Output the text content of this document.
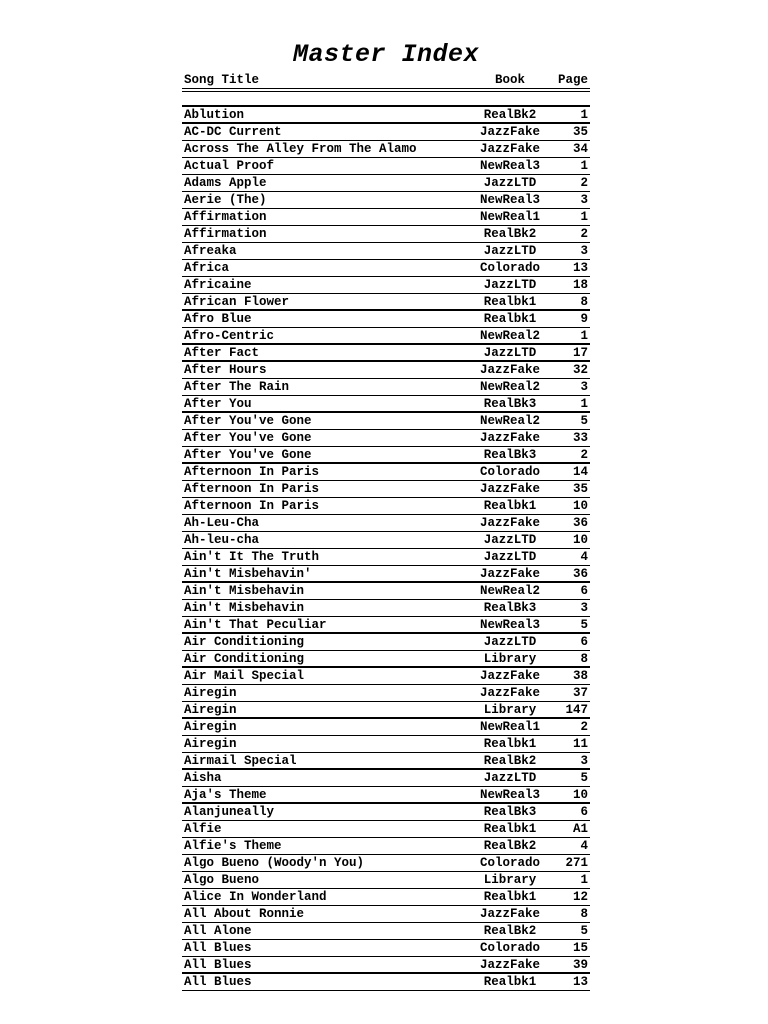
Master Index
Song Title	Book	Page
Ablution	RealBk2	1
AC-DC Current	JazzFake	35
Across The Alley From The Alamo	JazzFake	34
Actual Proof	NewReal3	1
Adams Apple	JazzLTD	2
Aerie (The)	NewReal3	3
Affirmation	NewReal1	1
Affirmation	RealBk2	2
Afreaka	JazzLTD	3
Africa	Colorado	13
Africaine	JazzLTD	18
African Flower	Realbk1	8
Afro Blue	Realbk1	9
Afro-Centric	NewReal2	1
After Fact	JazzLTD	17
After Hours	JazzFake	32
After The Rain	NewReal2	3
After You	RealBk3	1
After You've Gone	NewReal2	5
After You've Gone	JazzFake	33
After You've Gone	RealBk3	2
Afternoon In Paris	Colorado	14
Afternoon In Paris	JazzFake	35
Afternoon In Paris	Realbk1	10
Ah-Leu-Cha	JazzFake	36
Ah-leu-cha	JazzLTD	10
Ain't It The Truth	JazzLTD	4
Ain't Misbehavin'	JazzFake	36
Ain't Misbehavin	NewReal2	6
Ain't Misbehavin	RealBk3	3
Ain't That Peculiar	NewReal3	5
Air Conditioning	JazzLTD	6
Air Conditioning	Library	8
Air Mail Special	JazzFake	38
Airegin	JazzFake	37
Airegin	Library	147
Airegin	NewReal1	2
Airegin	Realbk1	11
Airmail Special	RealBk2	3
Aisha	JazzLTD	5
Aja's Theme	NewReal3	10
Alanjuneally	RealBk3	6
Alfie	Realbk1	A1
Alfie's Theme	RealBk2	4
Algo Bueno (Woody'n You)	Colorado	271
Algo Bueno	Library	1
Alice In Wonderland	Realbk1	12
All About Ronnie	JazzFake	8
All Alone	RealBk2	5
All Blues	Colorado	15
All Blues	JazzFake	39
All Blues	Realbk1	13
